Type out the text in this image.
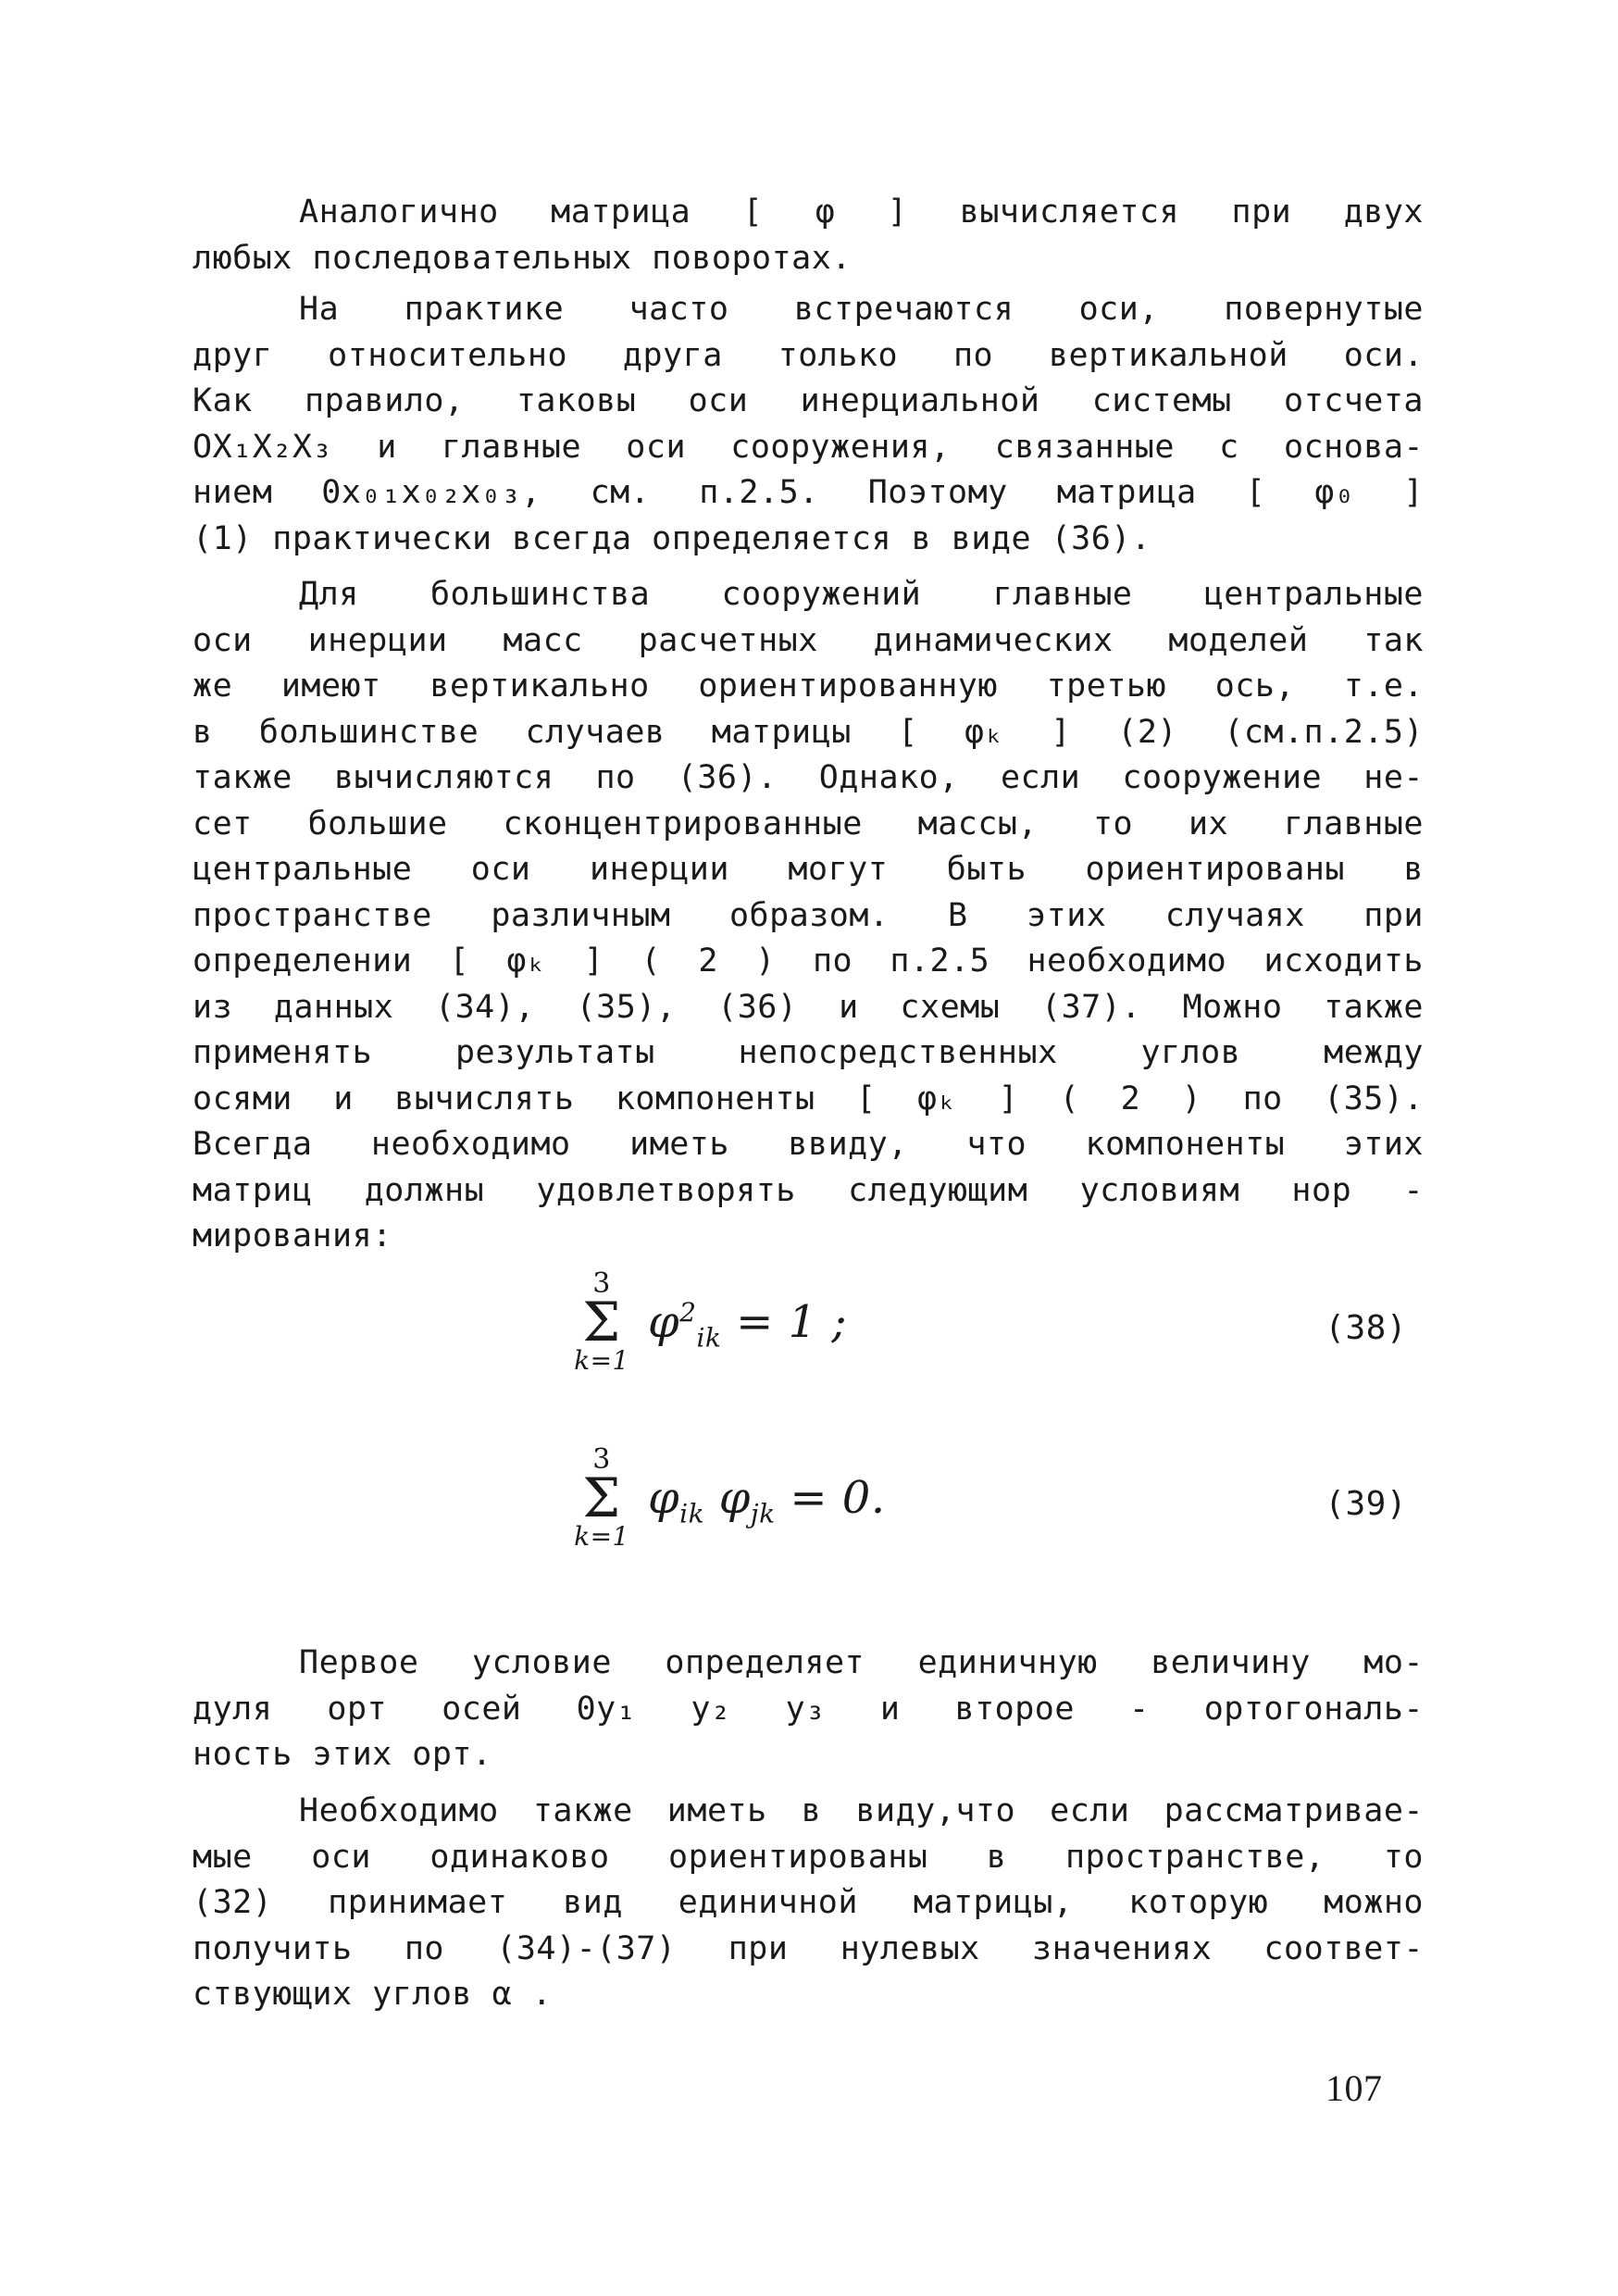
Аналогично матрица [ φ ] вычисляется при двух
любых последовательных поворотах.
На практике часто встречаются оси, повернутые
друг относительно друга только по вертикальной оси.
Как правило, таковы оси инерциальной системы отсчета
OX₁X₂X₃ и главные оси сооружения, связанные с основа-
нием 0x₀₁x₀₂x₀₃, см. п.2.5. Поэтому матрица [ φ₀ ]
(1) практически всегда определяется в виде (36).
Для большинства сооружений главные центральные
оси инерции масс расчетных динамических моделей так
же имеют вертикально ориентированную третью ось, т.е.
в большинстве случаев матрицы [ φₖ ] (2) (см.п.2.5)
также вычисляются по (36). Однако, если сооружение не-
сет большие сконцентрированные массы, то их главные
центральные оси инерции могут быть ориентированы в
пространстве различным образом. В этих случаях при
определении [ φₖ ] ( 2 ) по п.2.5 необходимо исходить
из данных (34), (35), (36) и схемы (37). Можно также
применять результаты непосредственных углов между
осями и вычислять компоненты [ φₖ ] ( 2 ) по (35).
Всегда необходимо иметь ввиду, что компоненты этих
матриц должны удовлетворять следующим условиям нор -
мирования:
3
Σ
k=1
$\varphi^2_{ik} = 1$ ;	(38)
3
Σ
k=1
$\varphi_{ik}$ $\varphi_{jk} = 0$.	(39)
Первое условие определяет единичную величину мо-
дуля орт осей 0y₁ y₂ y₃ и второе - ортогональ-
ность этих орт.
Необходимо также иметь в виду,что если рассматривае-
мые оси одинаково ориентированы в пространстве, то
(32) принимает вид единичной матрицы, которую можно
получить по (34)-(37) при нулевых значениях соответ-
ствующих углов α .
107
